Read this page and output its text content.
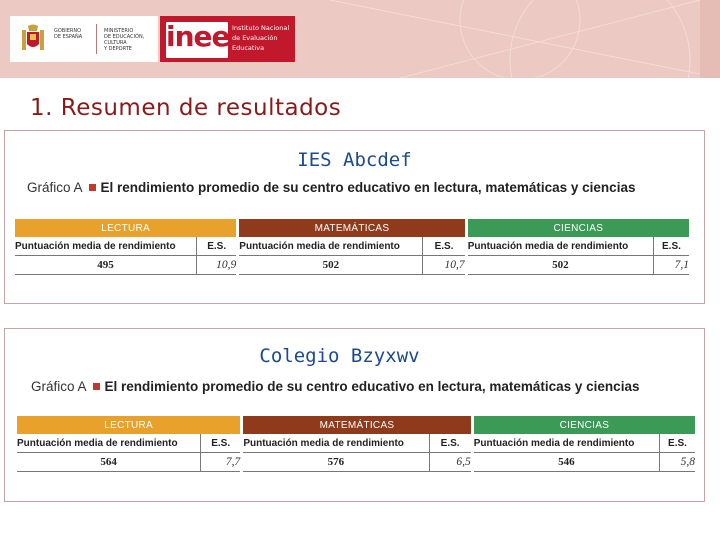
GOBIERNO
DE ESPAÑA
MINISTERIO
DE EDUCACIÓN, CULTURA
Y DEPORTE	inee Instituto Nacional
de Evaluación
Educativa
1. Resumen de resultados
IES Abcdef
Gráfico A El rendimiento promedio de su centro educativo en lectura, matemáticas y ciencias
LECTURA			MATEMÁTICAS			CIENCIAS	
Puntuación media de rendimiento	E.S.		Puntuación media de rendimiento	E.S.		Puntuación media de rendimiento	E.S.
495	10,9		502	10,7		502	7,1
Colegio Bzyxwv
Gráfico A El rendimiento promedio de su centro educativo en lectura, matemáticas y ciencias
LECTURA			MATEMÁTICAS			CIENCIAS	
Puntuación media de rendimiento	E.S.		Puntuación media de rendimiento	E.S.		Puntuación media de rendimiento	E.S.
564	7,7		576	6,5		546	5,8
